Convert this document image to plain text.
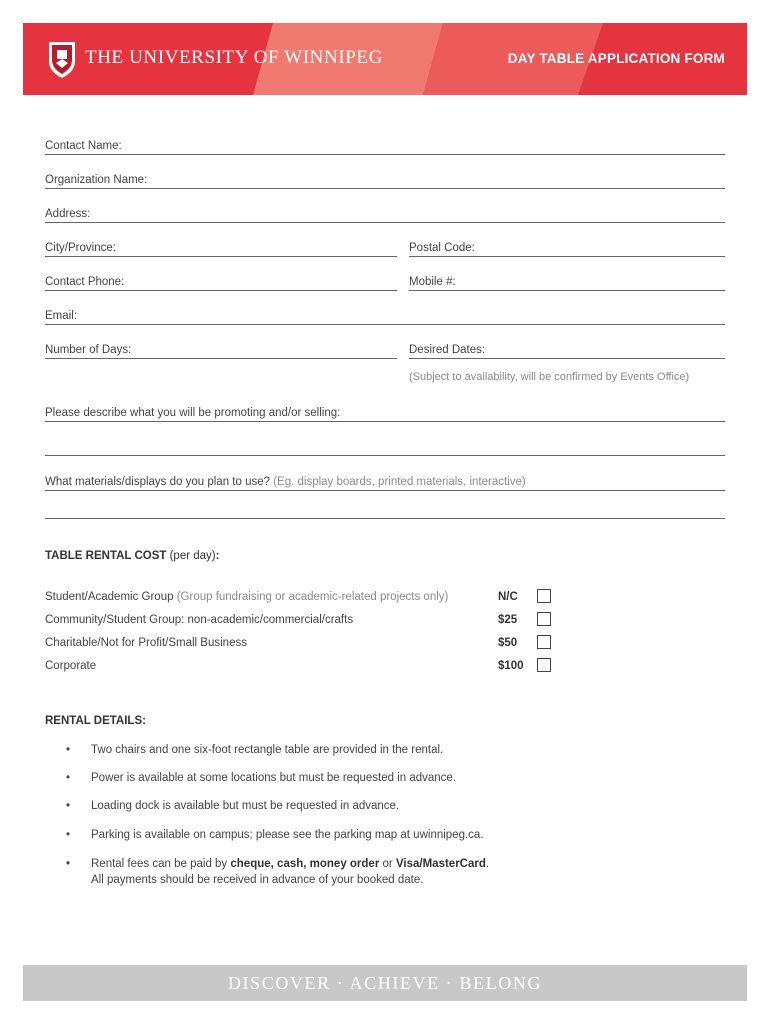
THE UNIVERSITY OF WINNIPEG	DAY TABLE APPLICATION FORM
Contact Name:
Organization Name:
Address:
City/Province:	Postal Code:
Contact Phone:	Mobile #:
Email:
Number of Days:	Desired Dates:
(Subject to availability, will be confirmed by Events Office)
Please describe what you will be promoting and/or selling:
What materials/displays do you plan to use? (Eg. display boards, printed materials, interactive)
TABLE RENTAL COST (per day):
Student/Academic Group (Group fundraising or academic-related projects only)	N/C
Community/Student Group: non-academic/commercial/crafts	$25
Charitable/Not for Profit/Small Business	$50
Corporate	$100
RENTAL DETAILS:
• Two chairs and one six-foot rectangle table are provided in the rental.
• Power is available at some locations but must be requested in advance.
• Loading dock is available but must be requested in advance.
• Parking is available on campus; please see the parking map at uwinnipeg.ca.
• Rental fees can be paid by cheque, cash, money order or Visa/MasterCard.
All payments should be received in advance of your booked date.
DISCOVER · ACHIEVE · BELONG
